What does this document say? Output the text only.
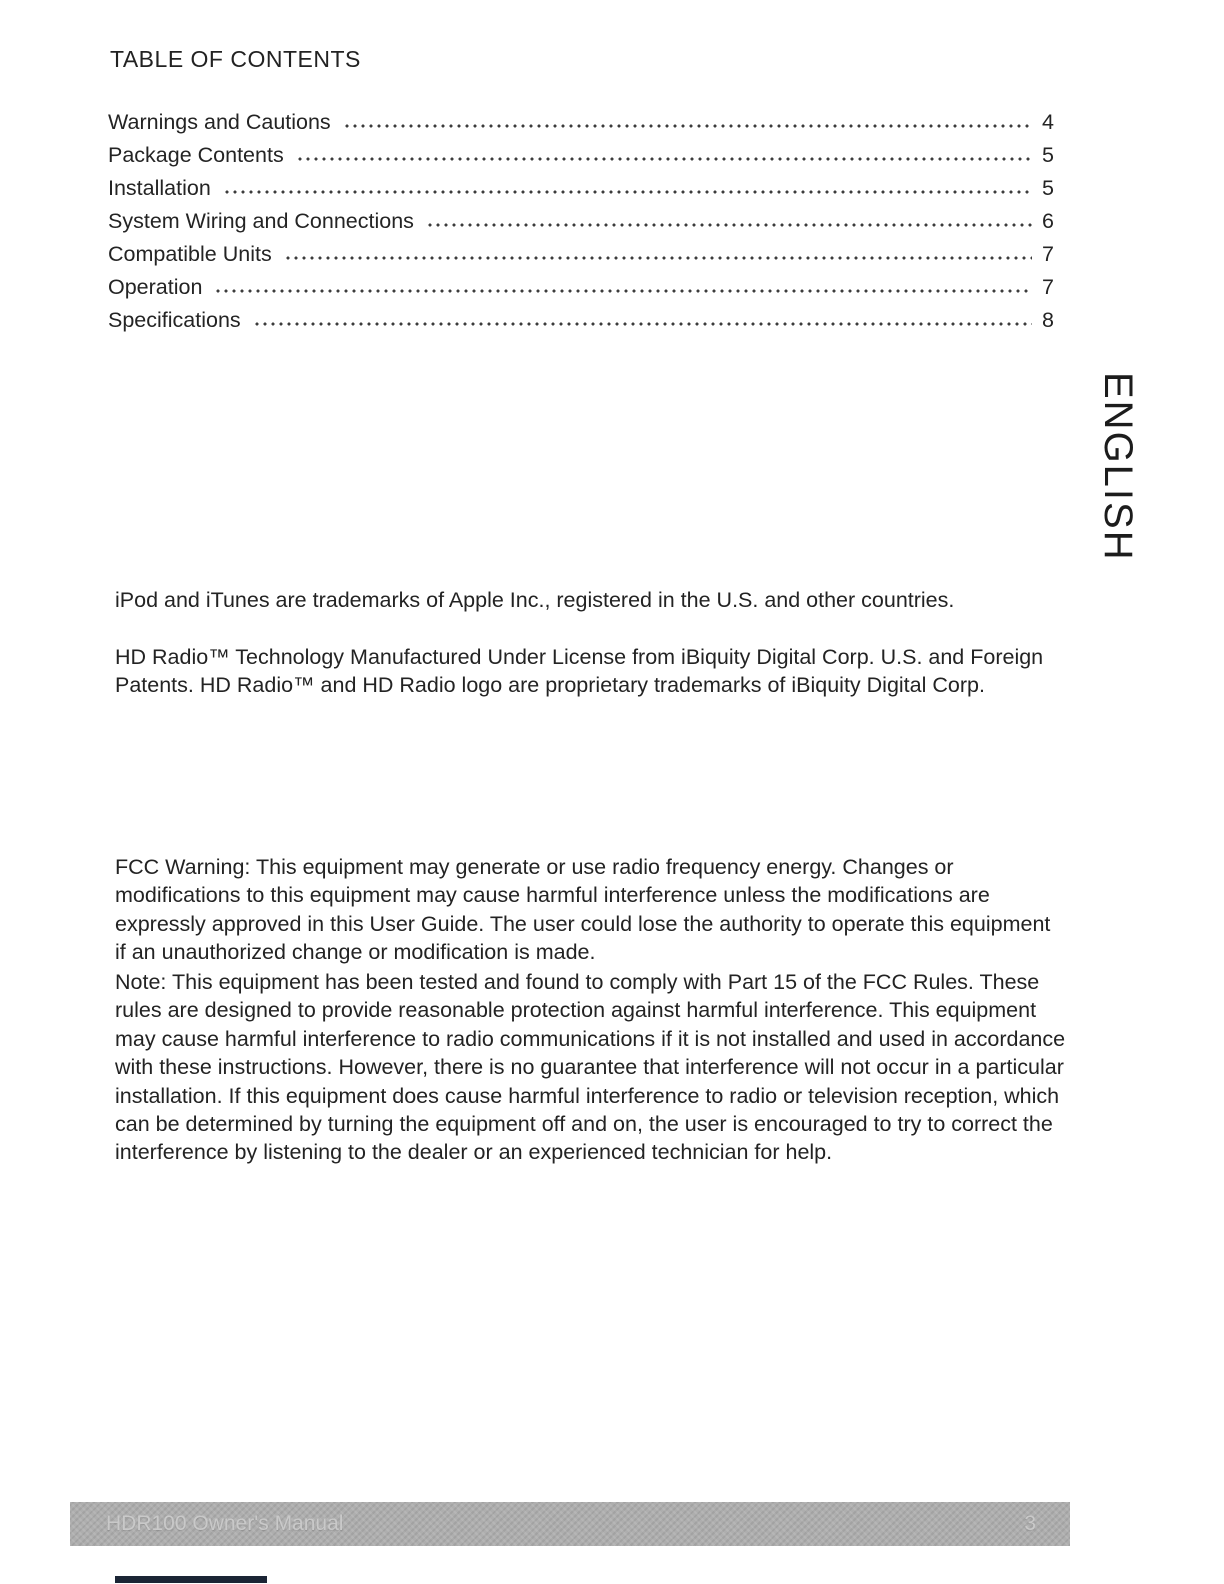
TABLE OF CONTENTS
Warnings and Cautions	4
Package Contents	5
Installation	5
System Wiring and Connections	6
Compatible Units	7
Operation	7
Specifications	8
ENGLISH

iPod and iTunes are trademarks of Apple Inc., registered in the U.S. and other countries.

HD Radio™ Technology Manufactured Under License from iBiquity Digital Corp. U.S. and Foreign Patents. HD Radio™ and HD Radio logo are proprietary trademarks of iBiquity Digital Corp.

FCC Warning: This equipment may generate or use radio frequency energy. Changes or modifications to this equipment may cause harmful interference unless the modifications are expressly approved in this User Guide. The user could lose the authority to operate this equipment if an unauthorized change or modification is made.

Note: This equipment has been tested and found to comply with Part 15 of the FCC Rules. These rules are designed to provide reasonable protection against harmful interference. This equipment may cause harmful interference to radio communications if it is not installed and used in accordance with these instructions. However, there is no guarantee that interference will not occur in a particular installation. If this equipment does cause harmful interference to radio or television reception, which can be determined by turning the equipment off and on, the user is encouraged to try to correct the interference by listening to the dealer or an experienced technician for help.

HDR100 Owner's Manual	3
